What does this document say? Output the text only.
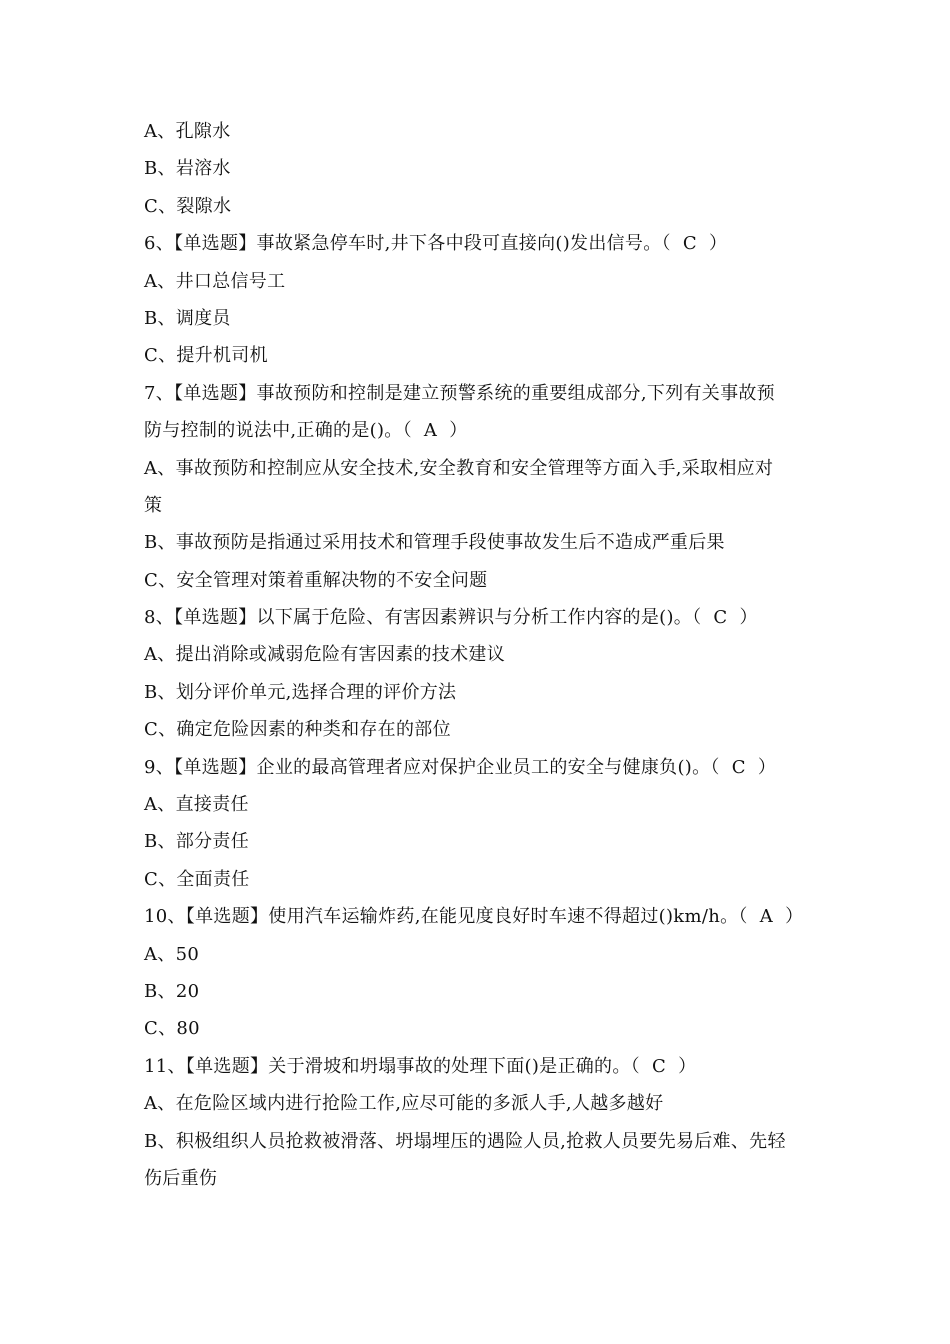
A、孔隙水
B、岩溶水
C、裂隙水
6、【单选题】事故紧急停车时,井下各中段可直接向()发出信号。（  C  ）
A、井口总信号工
B、调度员
C、提升机司机
7、【单选题】事故预防和控制是建立预警系统的重要组成部分,下列有关事故预
防与控制的说法中,正确的是()。（  A  ）
A、事故预防和控制应从安全技术,安全教育和安全管理等方面入手,采取相应对
策
B、事故预防是指通过采用技术和管理手段使事故发生后不造成严重后果
C、安全管理对策着重解决物的不安全问题
8、【单选题】以下属于危险、有害因素辨识与分析工作内容的是()。（  C  ）
A、提出消除或减弱危险有害因素的技术建议
B、划分评价单元,选择合理的评价方法
C、确定危险因素的种类和存在的部位
9、【单选题】企业的最高管理者应对保护企业员工的安全与健康负()。（  C  ）
A、直接责任
B、部分责任
C、全面责任
10、【单选题】使用汽车运输炸药,在能见度良好时车速不得超过()km/h。（  A  ）
A、50
B、20
C、80
11、【单选题】关于滑坡和坍塌事故的处理下面()是正确的。（  C  ）
A、在危险区域内进行抢险工作,应尽可能的多派人手,人越多越好
B、积极组织人员抢救被滑落、坍塌埋压的遇险人员,抢救人员要先易后难、先轻
伤后重伤
